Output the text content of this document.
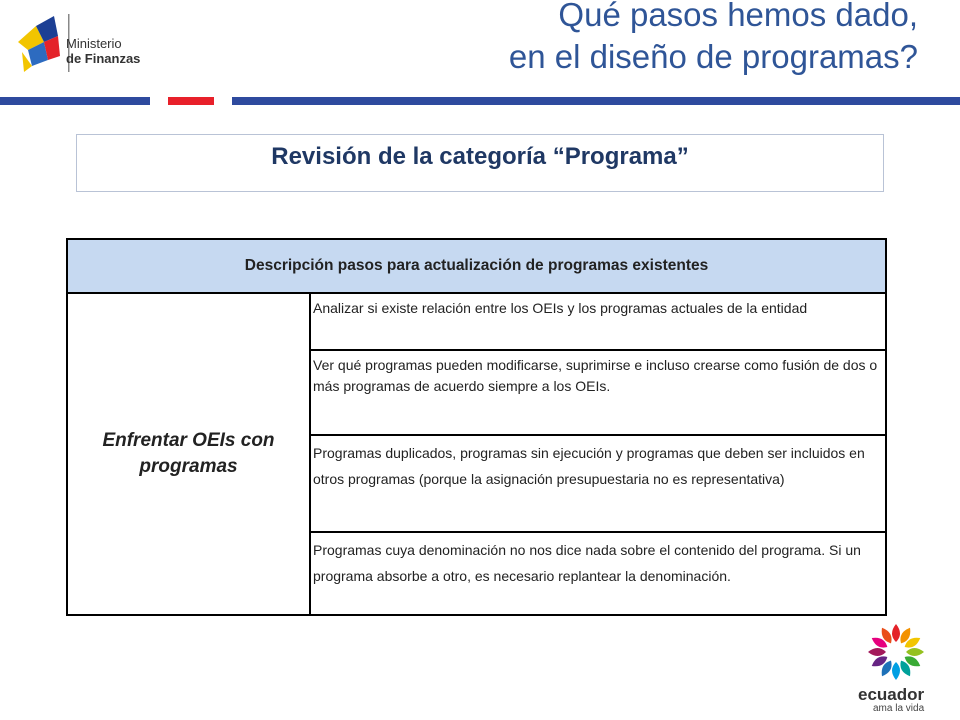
Ministerio
de Finanzas
Qué pasos hemos dado,
en el diseño de programas?
Revisión de la categoría “Programa”
Descripción pasos para actualización de programas existentes
Enfrentar OEIs con programas	Analizar si existe relación entre los OEIs y los programas actuales de la entidad
Ver qué programas pueden modificarse, suprimirse e incluso crearse como fusión de dos o más programas de acuerdo siempre a los OEIs.
Programas duplicados, programas sin ejecución y programas que deben ser incluidos en otros programas (porque la asignación presupuestaria no es representativa)
Programas cuya denominación no nos dice nada sobre el contenido del programa. Si un programa absorbe a otro, es necesario replantear la denominación.
ecuador
ama la vida
